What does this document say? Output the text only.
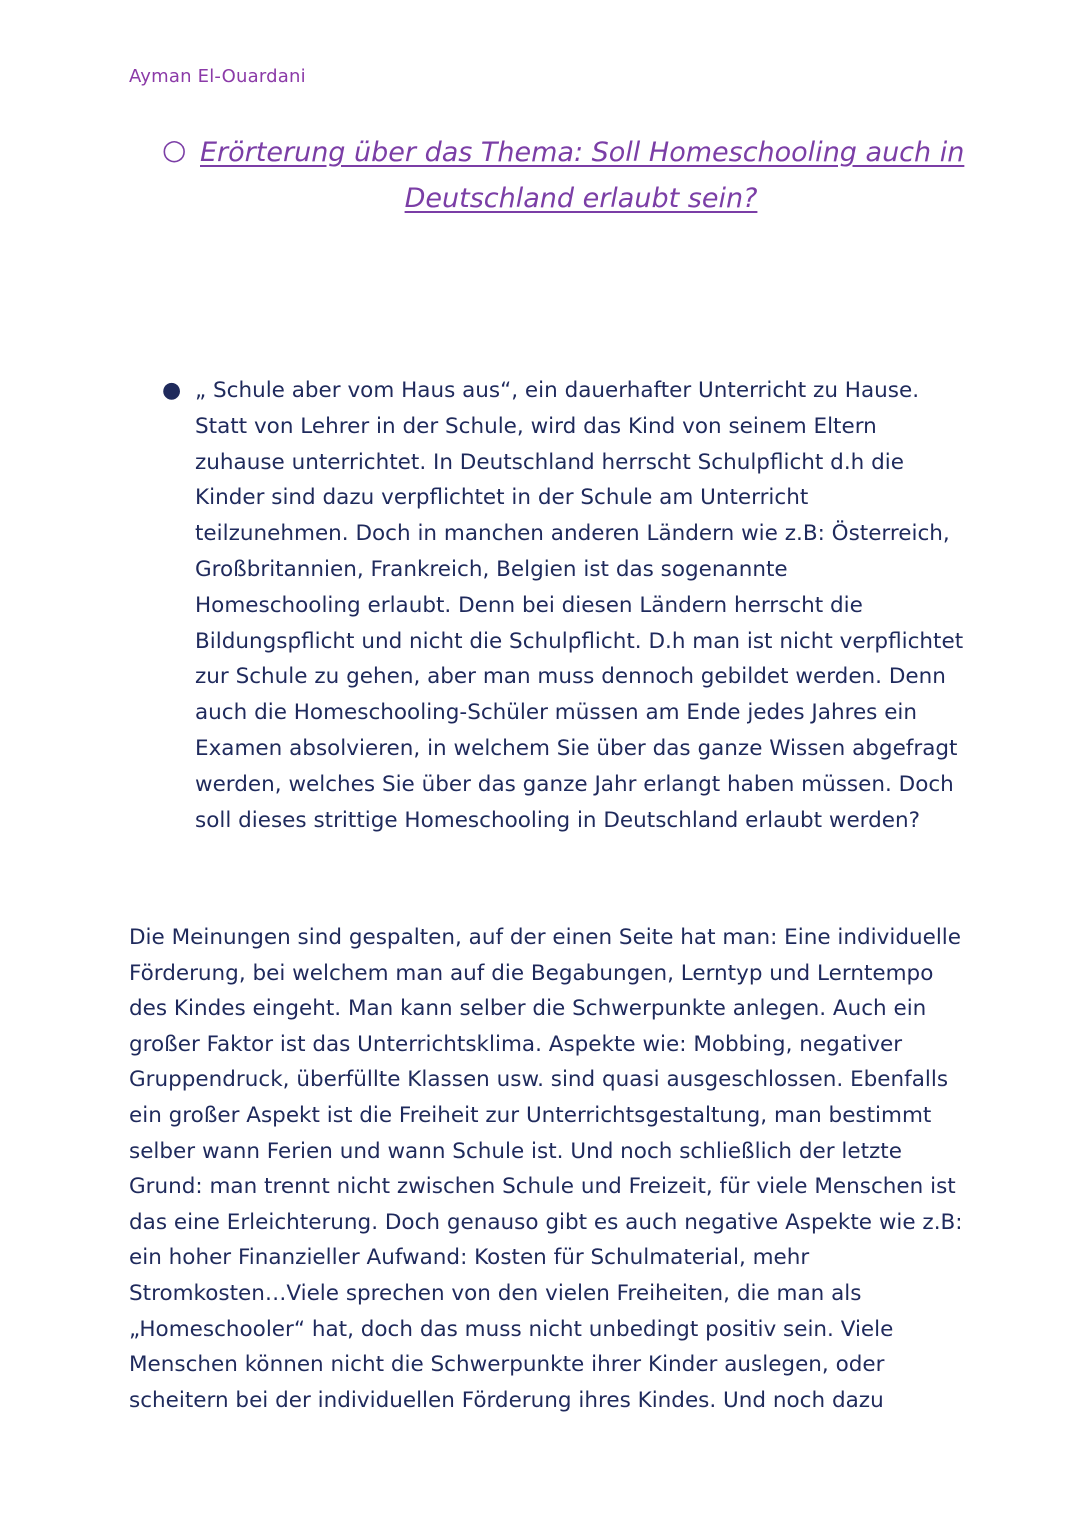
Ayman El-Ouardani
○ Erörterung über das Thema: Soll Homeschooling auch in
Deutschland erlaubt sein?
● „ Schule aber vom Haus aus“, ein dauerhafter Unterricht zu Hause.
Statt von Lehrer in der Schule, wird das Kind von seinem Eltern
zuhause unterrichtet. In Deutschland herrscht Schulpflicht d.h die
Kinder sind dazu verpflichtet in der Schule am Unterricht
teilzunehmen. Doch in manchen anderen Ländern wie z.B: Österreich,
Großbritannien, Frankreich, Belgien ist das sogenannte
Homeschooling erlaubt. Denn bei diesen Ländern herrscht die
Bildungspflicht und nicht die Schulpflicht. D.h man ist nicht verpflichtet
zur Schule zu gehen, aber man muss dennoch gebildet werden. Denn
auch die Homeschooling-Schüler müssen am Ende jedes Jahres ein
Examen absolvieren, in welchem Sie über das ganze Wissen abgefragt
werden, welches Sie über das ganze Jahr erlangt haben müssen. Doch
soll dieses strittige Homeschooling in Deutschland erlaubt werden?

Die Meinungen sind gespalten, auf der einen Seite hat man: Eine individuelle
Förderung, bei welchem man auf die Begabungen, Lerntyp und Lerntempo
des Kindes eingeht. Man kann selber die Schwerpunkte anlegen. Auch ein
großer Faktor ist das Unterrichtsklima. Aspekte wie: Mobbing, negativer
Gruppendruck, überfüllte Klassen usw. sind quasi ausgeschlossen. Ebenfalls
ein großer Aspekt ist die Freiheit zur Unterrichtsgestaltung, man bestimmt
selber wann Ferien und wann Schule ist. Und noch schließlich der letzte
Grund: man trennt nicht zwischen Schule und Freizeit, für viele Menschen ist
das eine Erleichterung. Doch genauso gibt es auch negative Aspekte wie z.B:
ein hoher Finanzieller Aufwand: Kosten für Schulmaterial, mehr
Stromkosten…Viele sprechen von den vielen Freiheiten, die man als
„Homeschooler“ hat, doch das muss nicht unbedingt positiv sein. Viele
Menschen können nicht die Schwerpunkte ihrer Kinder auslegen, oder
scheitern bei der individuellen Förderung ihres Kindes. Und noch dazu
